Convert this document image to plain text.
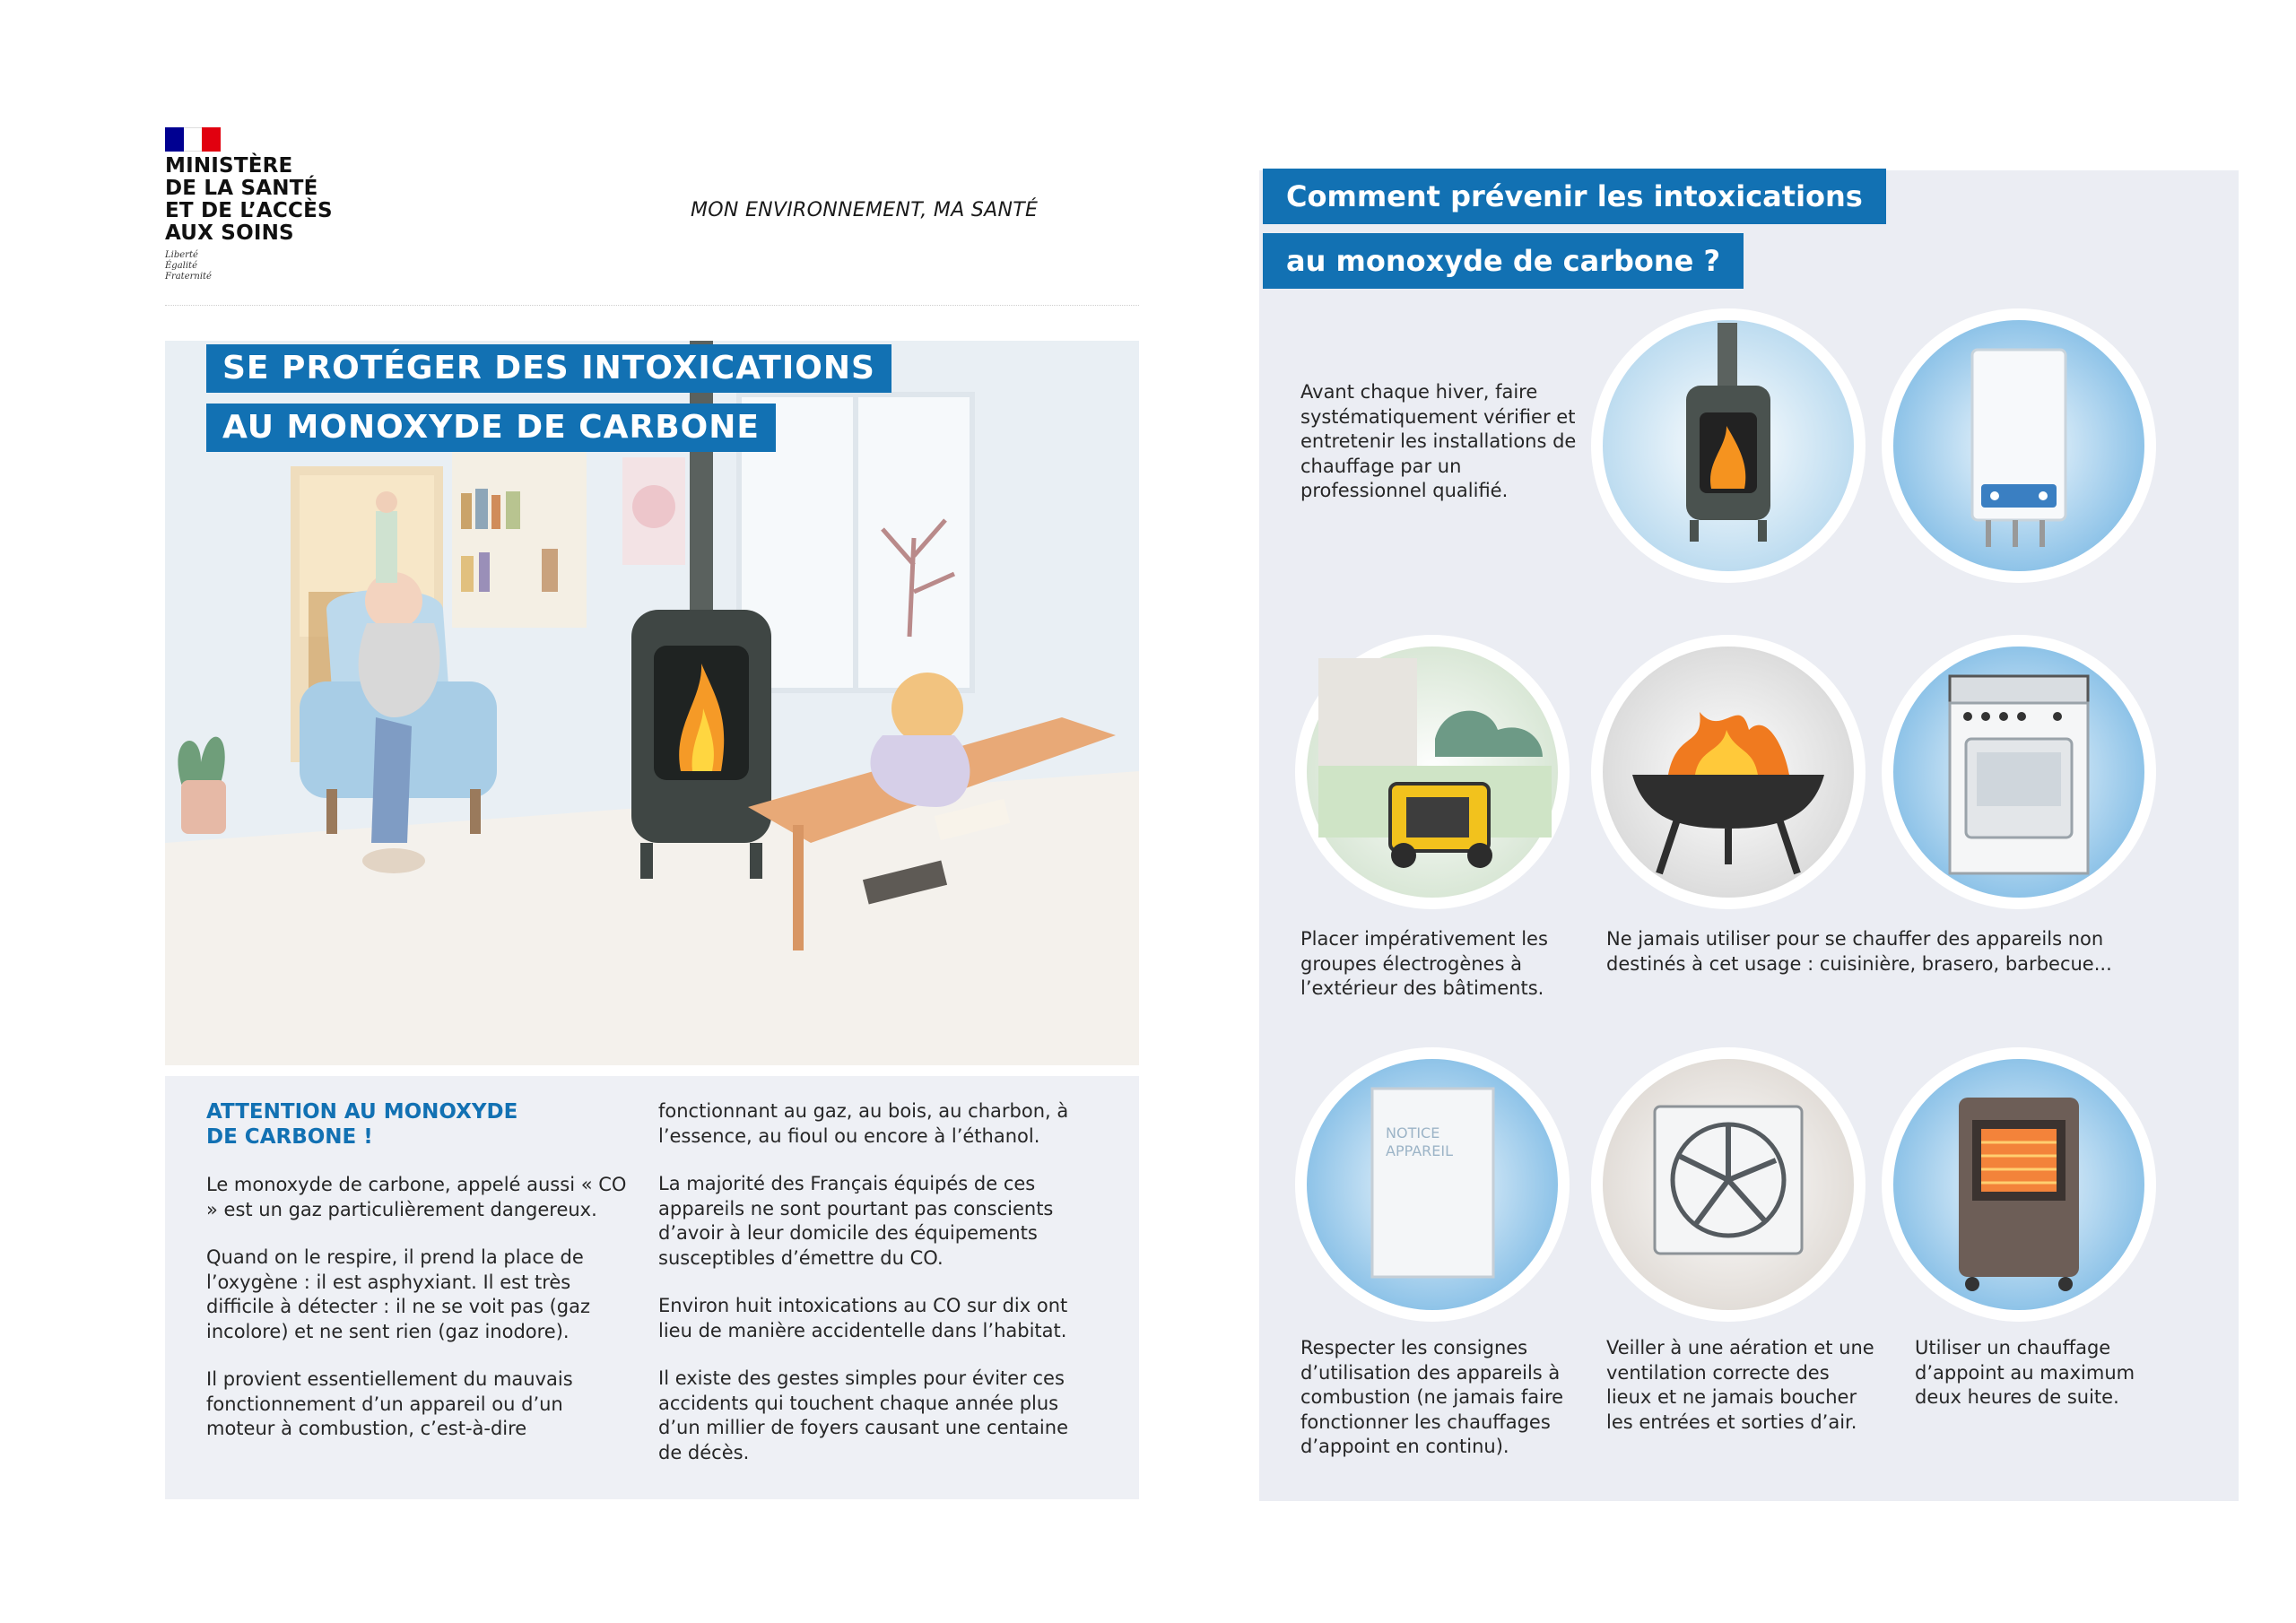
MINISTÈRE
DE LA SANTÉ
ET DE L’ACCÈS
AUX SOINS
Liberté
Égalité
Fraternité
MON ENVIRONNEMENT, MA SANTÉ
SE PROTÉGER DES INTOXICATIONS
AU MONOXYDE DE CARBONE
ATTENTION AU MONOXYDE
DE CARBONE !

Le monoxyde de carbone, appelé aussi « CO » est un gaz particulièrement dangereux.

Quand on le respire, il prend la place de l’oxygène : il est asphyxiant. Il est très difficile à détecter : il ne se voit pas (gaz incolore) et ne sent rien (gaz inodore).

Il provient essentiellement du mauvais fonctionnement d’un appareil ou d’un moteur à combustion, c’est-à-dire

fonctionnant au gaz, au bois, au charbon, à l’essence, au fioul ou encore à l’éthanol.

La majorité des Français équipés de ces appareils ne sont pourtant pas conscients d’avoir à leur domicile des équipements susceptibles d’émettre du CO.

Environ huit intoxications au CO sur dix ont lieu de manière accidentelle dans l’habitat.

Il existe des gestes simples pour éviter ces accidents qui touchent chaque année plus d’un millier de foyers causant une centaine de décès.

Comment prévenir les intoxications
au monoxyde de carbone ?
Avant chaque hiver, faire systématiquement vérifier et entretenir les installations de chauffage par un professionnel qualifié.
Placer impérativement les groupes électrogènes à l’extérieur des bâtiments.
Ne jamais utiliser pour se chauffer des appareils non destinés à cet usage : cuisinière, brasero, barbecue...
NOTICE APPAREIL
Respecter les consignes d’utilisation des appareils à combustion (ne jamais faire fonctionner les chauffages d’appoint en continu).
Veiller à une aération et une ventilation correcte des lieux et ne jamais boucher les entrées et sorties d’air.
Utiliser un chauffage d’appoint au maximum deux heures de suite.
